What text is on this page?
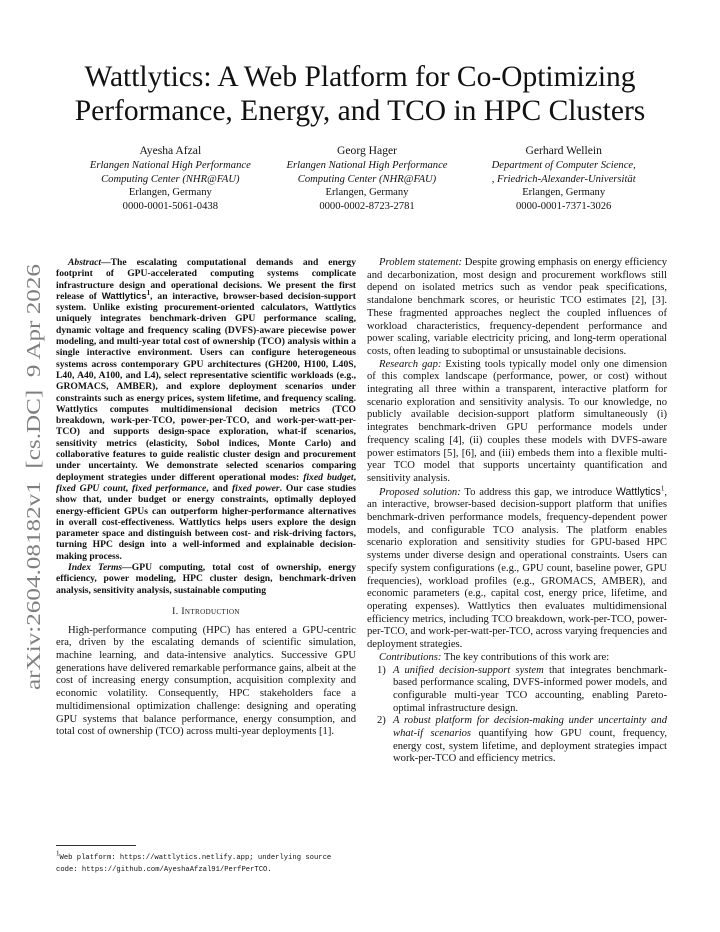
arXiv:2604.08182v1  [cs.DC]  9 Apr 2026
Wattlytics: A Web Platform for Co-Optimizing
Performance, Energy, and TCO in HPC Clusters
Ayesha Afzal
Erlangen National High Performance
Computing Center (NHR@FAU)
Erlangen, Germany
0000-0001-5061-0438
Georg Hager
Erlangen National High Performance
Computing Center (NHR@FAU)
Erlangen, Germany
0000-0002-8723-2781
Gerhard Wellein
Department of Computer Science,
, Friedrich-Alexander-Universität
Erlangen, Germany
0000-0001-7371-3026

Abstract—The escalating computational demands and energy footprint of GPU-accelerated computing systems complicate infrastructure design and operational decisions. We present the first release of Wattlytics$^1$, an interactive, browser-based decision-support system. Unlike existing procurement-oriented calculators, Wattlytics uniquely integrates benchmark-driven GPU performance scaling, dynamic voltage and frequency scaling (DVFS)-aware piecewise power modeling, and multi-year total cost of ownership (TCO) analysis within a single interactive environment. Users can configure heterogeneous systems across contemporary GPU architectures (GH200, H100, L40S, L40, A40, A100, and L4), select representative scientific workloads (e.g., GROMACS, AMBER), and explore deployment scenarios under constraints such as energy prices, system lifetime, and frequency scaling. Wattlytics computes multidimensional decision metrics (TCO breakdown, work-per-TCO, power-per-TCO, and work-per-watt-per-TCO) and supports design-space exploration, what-if scenarios, sensitivity metrics (elasticity, Sobol indices, Monte Carlo) and collaborative features to guide realistic cluster design and procurement under uncertainty. We demonstrate selected scenarios comparing deployment strategies under different operational modes: fixed budget, fixed GPU count, fixed performance, and fixed power. Our case studies show that, under budget or energy constraints, optimally deployed energy-efficient GPUs can outperform higher-performance alternatives in overall cost-effectiveness. Wattlytics helps users explore the design parameter space and distinguish between cost- and risk-driving factors, turning HPC design into a well-informed and explainable decision-making process.

Index Terms—GPU computing, total cost of ownership, energy efficiency, power modeling, HPC cluster design, benchmark-driven analysis, sensitivity analysis, sustainable computing

I. Introduction

High-performance computing (HPC) has entered a GPU-centric era, driven by the escalating demands of scientific simulation, machine learning, and data-intensive analytics. Successive GPU generations have delivered remarkable performance gains, albeit at the cost of increasing energy consumption, acquisition complexity and economic volatility. Consequently, HPC stakeholders face a multidimensional optimization challenge: designing and operating GPU systems that balance performance, energy consumption, and total cost of ownership (TCO) across multi-year deployments [1].

$^1$Web platform: https://wattlytics.netlify.app; underlying source code: https://github.com/AyeshaAfzal91/PerfPerTCO.

Problem statement: Despite growing emphasis on energy efficiency and decarbonization, most design and procurement workflows still depend on isolated metrics such as vendor peak specifications, standalone benchmark scores, or heuristic TCO estimates [2], [3]. These fragmented approaches neglect the coupled influences of workload characteristics, frequency-dependent performance and power scaling, variable electricity pricing, and long-term operational costs, often leading to suboptimal or unsustainable decisions.

Research gap: Existing tools typically model only one dimension of this complex landscape (performance, power, or cost) without integrating all three within a transparent, interactive platform for scenario exploration and sensitivity analysis. To our knowledge, no publicly available decision-support platform simultaneously (i) integrates benchmark-driven GPU performance models under frequency scaling [4], (ii) couples these models with DVFS-aware power estimators [5], [6], and (iii) embeds them into a flexible multi-year TCO model that supports uncertainty quantification and sensitivity analysis.

Proposed solution: To address this gap, we introduce Wattlytics$^1$, an interactive, browser-based decision-support platform that unifies benchmark-driven performance models, frequency-dependent power models, and configurable TCO analysis. The platform enables scenario exploration and sensitivity studies for GPU-based HPC systems under diverse design and operational constraints. Users can specify system configurations (e.g., GPU count, baseline power, GPU frequencies), workload profiles (e.g., GROMACS, AMBER), and economic parameters (e.g., capital cost, energy price, lifetime, and operating expenses). Wattlytics then evaluates multidimensional efficiency metrics, including TCO breakdown, work-per-TCO, power-per-TCO, and work-per-watt-per-TCO, across varying frequencies and deployment strategies.

Contributions: The key contributions of this work are:

1) A unified decision-support system that integrates benchmark-based performance scaling, DVFS-informed power models, and configurable multi-year TCO accounting, enabling Pareto-optimal infrastructure design.
2) A robust platform for decision-making under uncertainty and what-if scenarios quantifying how GPU count, frequency, energy cost, system lifetime, and deployment strategies impact work-per-TCO and efficiency metrics.
